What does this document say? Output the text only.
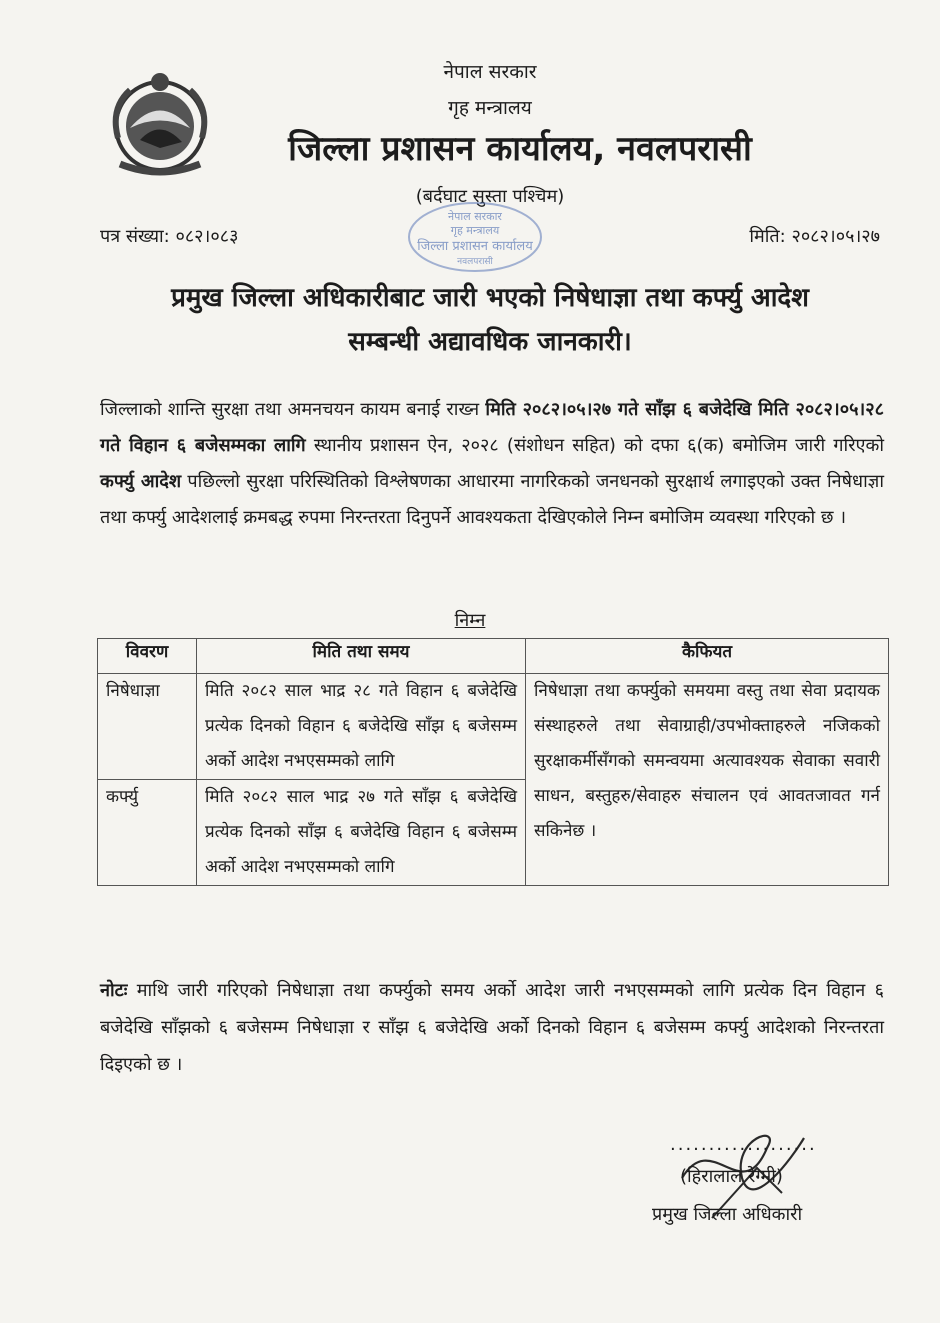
नेपाल सरकार
गृह मन्त्रालय
जिल्ला प्रशासन कार्यालय, नवलपरासी
(बर्दघाट सुस्ता पश्चिम)
पत्र संख्या: ०८२।०८३	मिति: २०८२।०५।२७
नेपाल सरकार
गृह मन्त्रालय
जिल्ला प्रशासन कार्यालय
नवलपरासी
प्रमुख जिल्ला अधिकारीबाट जारी भएको निषेधाज्ञा तथा कर्फ्यु आदेश
सम्बन्धी अद्यावधिक जानकारी।
जिल्लाको शान्ति सुरक्षा तथा अमनचयन कायम बनाई राख्न मिति २०८२।०५।२७ गते साँझ ६ बजेदेखि मिति २०८२।०५।२८ गते विहान ६ बजेसम्मका लागि स्थानीय प्रशासन ऐन, २०२८ (संशोधन सहित) को दफा ६(क) बमोजिम जारी गरिएको कर्फ्यु आदेश पछिल्लो सुरक्षा परिस्थितिको विश्लेषणका आधारमा नागरिकको जनधनको सुरक्षार्थ लगाइएको उक्त निषेधाज्ञा तथा कर्फ्यु आदेशलाई क्रमबद्ध रुपमा निरन्तरता दिनुपर्ने आवश्यकता देखिएकोले निम्न बमोजिम व्यवस्था गरिएको छ ।
निम्न
विवरण	मिति तथा समय	कैफियत
निषेधाज्ञा	मिति २०८२ साल भाद्र २८ गते विहान ६ बजेदेखि प्रत्येक दिनको विहान ६ बजेदेखि साँझ ६ बजेसम्म अर्को आदेश नभएसम्मको लागि	निषेधाज्ञा तथा कर्फ्युको समयमा वस्तु तथा सेवा प्रदायक संस्थाहरुले तथा सेवाग्राही/उपभोक्ताहरुले नजिकको सुरक्षाकर्मीसँगको समन्वयमा अत्यावश्यक सेवाका सवारी साधन, बस्तुहरु/सेवाहरु संचालन एवं आवतजावत गर्न सकिनेछ ।
कर्फ्यु	मिति २०८२ साल भाद्र २७ गते साँझ ६ बजेदेखि प्रत्येक दिनको साँझ ६ बजेदेखि विहान ६ बजेसम्म अर्को आदेश नभएसम्मको लागि	
नोटः माथि जारी गरिएको निषेधाज्ञा तथा कर्फ्युको समय अर्को आदेश जारी नभएसम्मको लागि प्रत्येक दिन विहान ६ बजेदेखि साँझको ६ बजेसम्म निषेधाज्ञा र साँझ ६ बजेदेखि अर्को दिनको विहान ६ बजेसम्म कर्फ्यु आदेशको निरन्तरता दिइएको छ ।
...................
(हिरालाल रेग्मी)
प्रमुख जिल्ला अधिकारी
